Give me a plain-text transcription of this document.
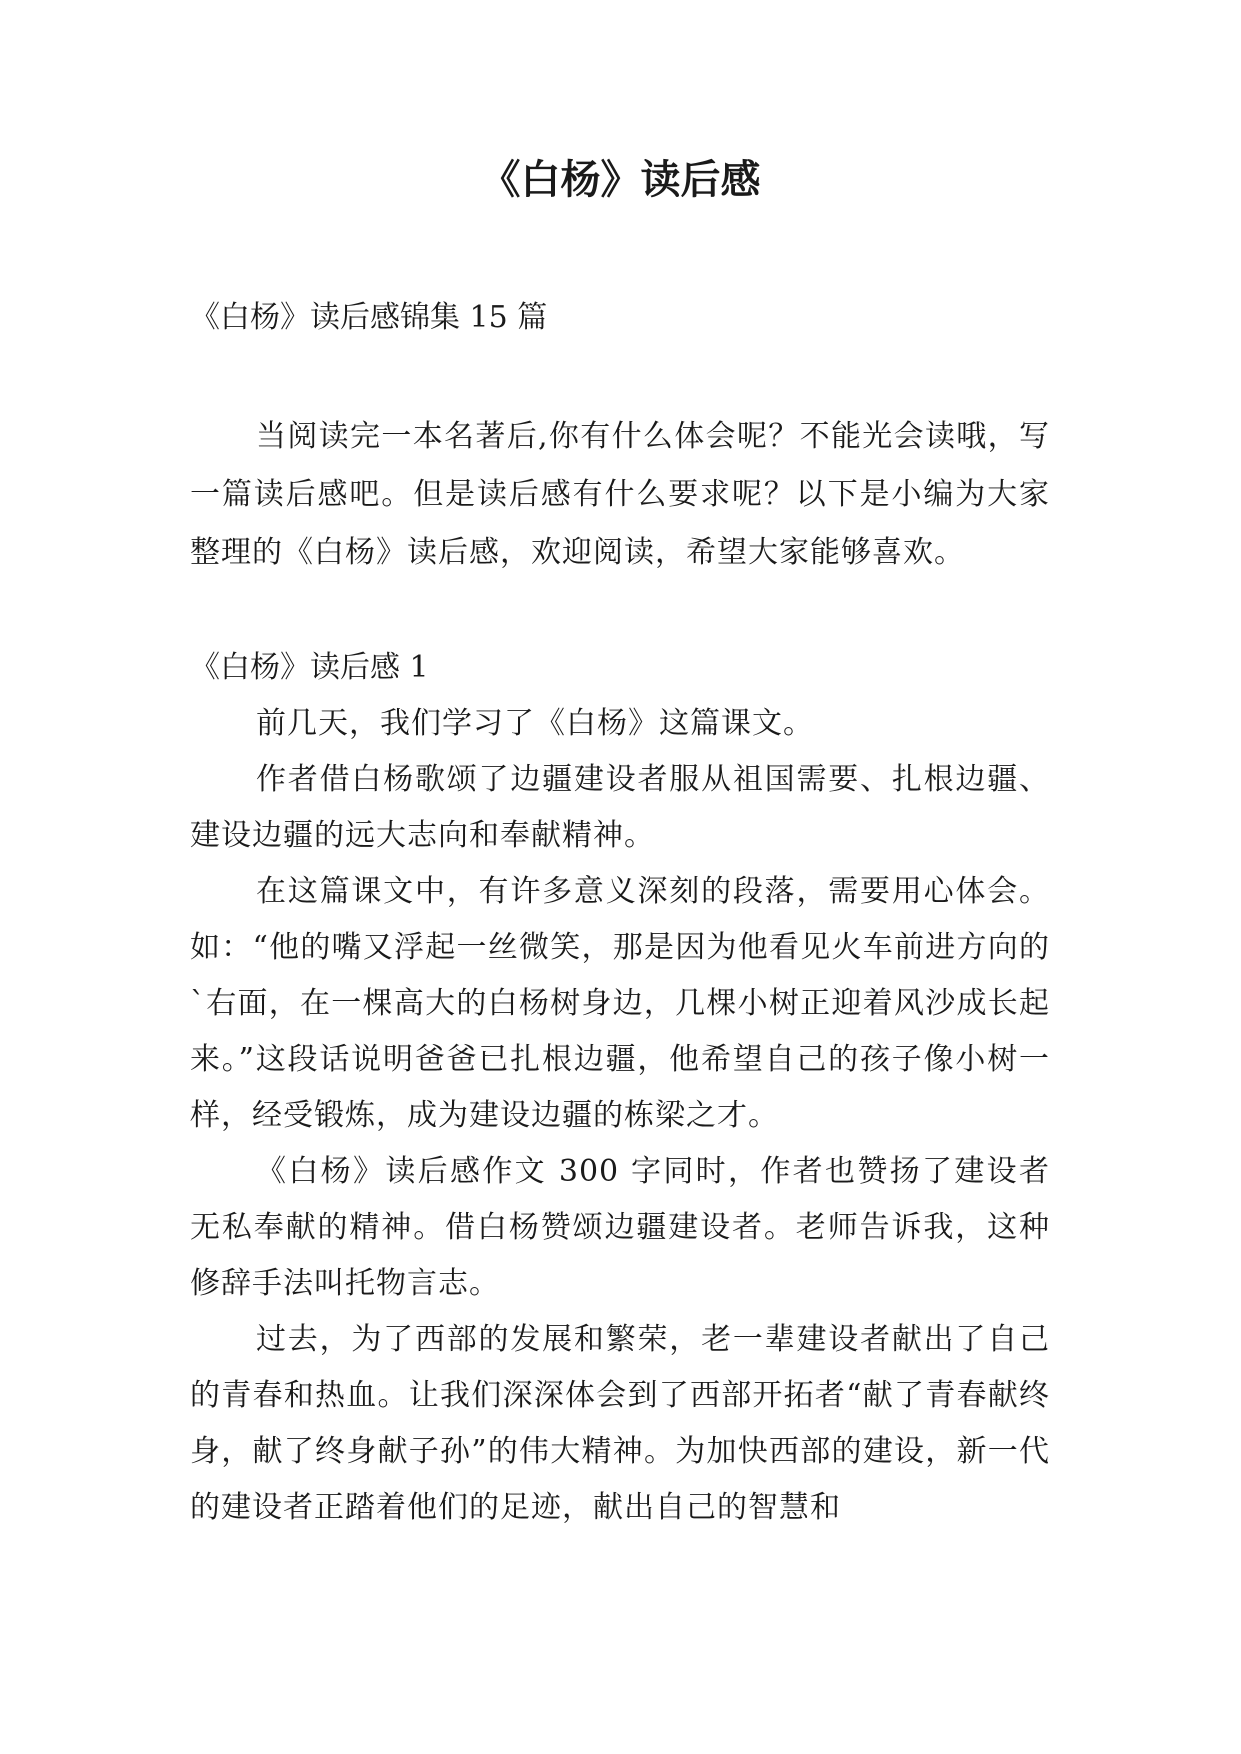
《白杨》读后感

《白杨》读后感锦集 15 篇

当阅读完一本名著后,你有什么体会呢？不能光会读哦，写一篇读后感吧。但是读后感有什么要求呢？以下是小编为大家整理的《白杨》读后感，欢迎阅读，希望大家能够喜欢。

《白杨》读后感 1

前几天，我们学习了《白杨》这篇课文。

作者借白杨歌颂了边疆建设者服从祖国需要、扎根边疆、建设边疆的远大志向和奉献精神。

在这篇课文中，有许多意义深刻的段落，需要用心体会。如：“他的嘴又浮起一丝微笑，那是因为他看见火车前进方向的`右面，在一棵高大的白杨树身边，几棵小树正迎着风沙成长起来。”这段话说明爸爸已扎根边疆，他希望自己的孩子像小树一样，经受锻炼，成为建设边疆的栋梁之才。

《白杨》读后感作文 300 字同时，作者也赞扬了建设者无私奉献的精神。借白杨赞颂边疆建设者。老师告诉我，这种修辞手法叫托物言志。

过去，为了西部的发展和繁荣，老一辈建设者献出了自己的青春和热血。让我们深深体会到了西部开拓者“献了青春献终身，献了终身献子孙”的伟大精神。为加快西部的建设，新一代的建设者正踏着他们的足迹，献出自己的智慧和
